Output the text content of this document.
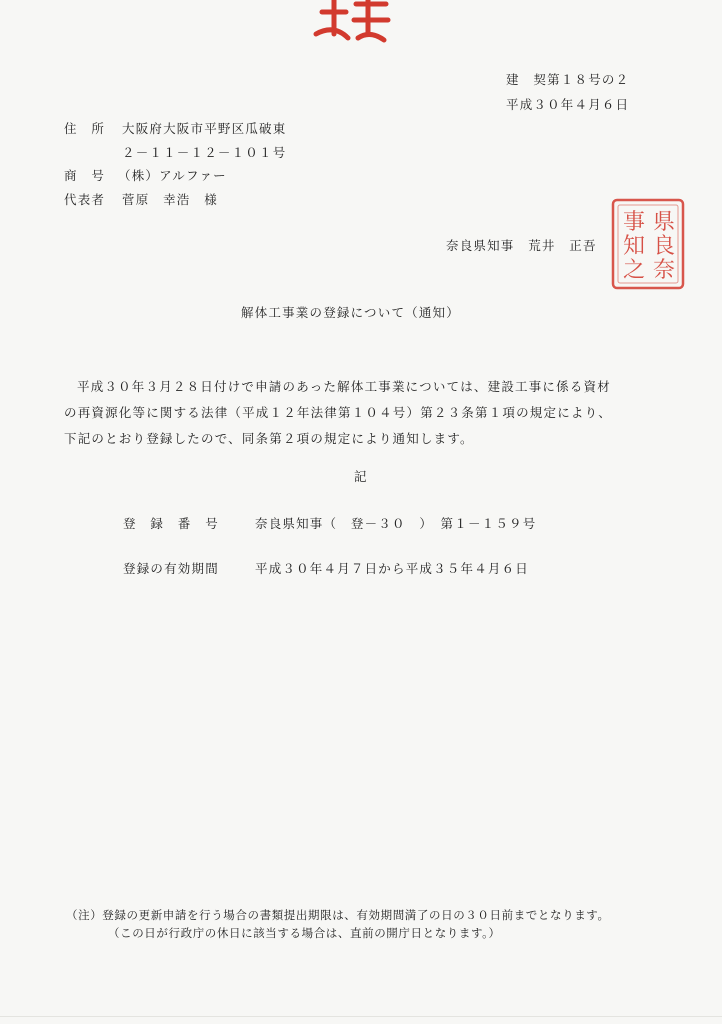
建　契第１８号の２
平成３０年４月６日
住　所 大阪府大阪市平野区瓜破東
２－１１－１２－１０１号
商　号 （株）アルファー
代表者 菅原　幸浩　様
奈良県知事　荒井　正吾
県
良
奈
事
知
之
解体工事業の登録について（通知）
平成３０年３月２８日付けで申請のあった解体工事業については、建設工事に係る資材
の再資源化等に関する法律（平成１２年法律第１０４号）第２３条第１項の規定により、
下記のとおり登録したので、同条第２項の規定により通知します。
記
登　録　番　号	奈良県知事（　登－３０　）　第１－１５９号
登録の有効期間	平成３０年４月７日から平成３５年４月６日
（注）登録の更新申請を行う場合の書類提出期限は、有効期間満了の日の３０日前までとなります。
（この日が行政庁の休日に該当する場合は、直前の開庁日となります。）
